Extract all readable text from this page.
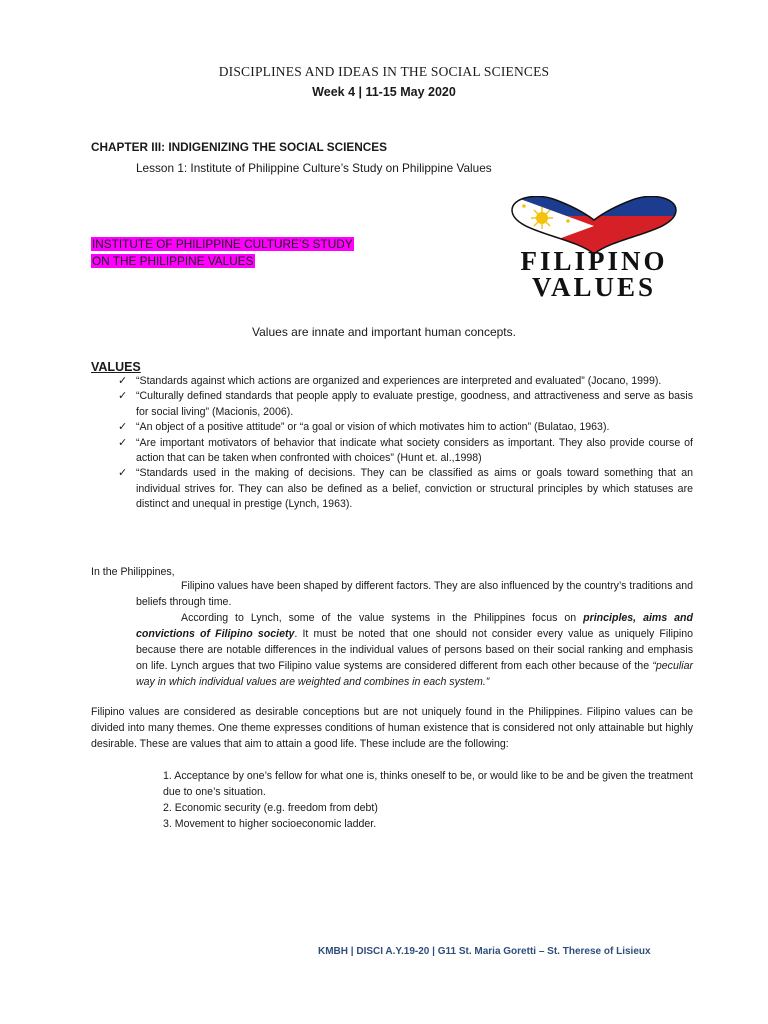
DISCIPLINES AND IDEAS IN THE SOCIAL SCIENCES
Week 4 | 11-15 May 2020
CHAPTER III: INDIGENIZING THE SOCIAL SCIENCES
Lesson 1: Institute of Philippine Culture’s Study on Philippine Values
INSTITUTE OF PHILIPPINE CULTURE’S STUDY
ON THE PHILIPPINE VALUES	FILIPINO
VALUES
Values are innate and important human concepts.
VALUES
✓ “Standards against which actions are organized and experiences are interpreted and evaluated” (Jocano, 1999).
✓ “Culturally defined standards that people apply to evaluate prestige, goodness, and attractiveness and serve as basis for social living” (Macionis, 2006).
✓ “An object of a positive attitude” or “a goal or vision of which motivates him to action” (Bulatao, 1963).
✓ “Are important motivators of behavior that indicate what society considers as important. They also provide course of action that can be taken when confronted with choices” (Hunt et. al.,1998)
✓ “Standards used in the making of decisions. They can be classified as aims or goals toward something that an individual strives for. They can also be defined as a belief, conviction or structural principles by which statuses are distinct and unequal in prestige (Lynch, 1963).
In the Philippines,
Filipino values have been shaped by different factors. They are also influenced by the country’s traditions and beliefs through time.
According to Lynch, some of the value systems in the Philippines focus on principles, aims and convictions of Filipino society. It must be noted that one should not consider every value as uniquely Filipino because there are notable differences in the individual values of persons based on their social ranking and emphasis on life. Lynch argues that two Filipino value systems are considered different from each other because of the “peculiar way in which individual values are weighted and combines in each system.”
Filipino values are considered as desirable conceptions but are not uniquely found in the Philippines. Filipino values can be divided into many themes. One theme expresses conditions of human existence that is considered not only attainable but highly desirable. These are values that aim to attain a good life. These include are the following:
1. Acceptance by one’s fellow for what one is, thinks oneself to be, or would like to be and be given the treatment due to one’s situation.
2. Economic security (e.g. freedom from debt)
3. Movement to higher socioeconomic ladder.
KMBH | DISCI A.Y.19-20 | G11 St. Maria Goretti – St. Therese of Lisieux
